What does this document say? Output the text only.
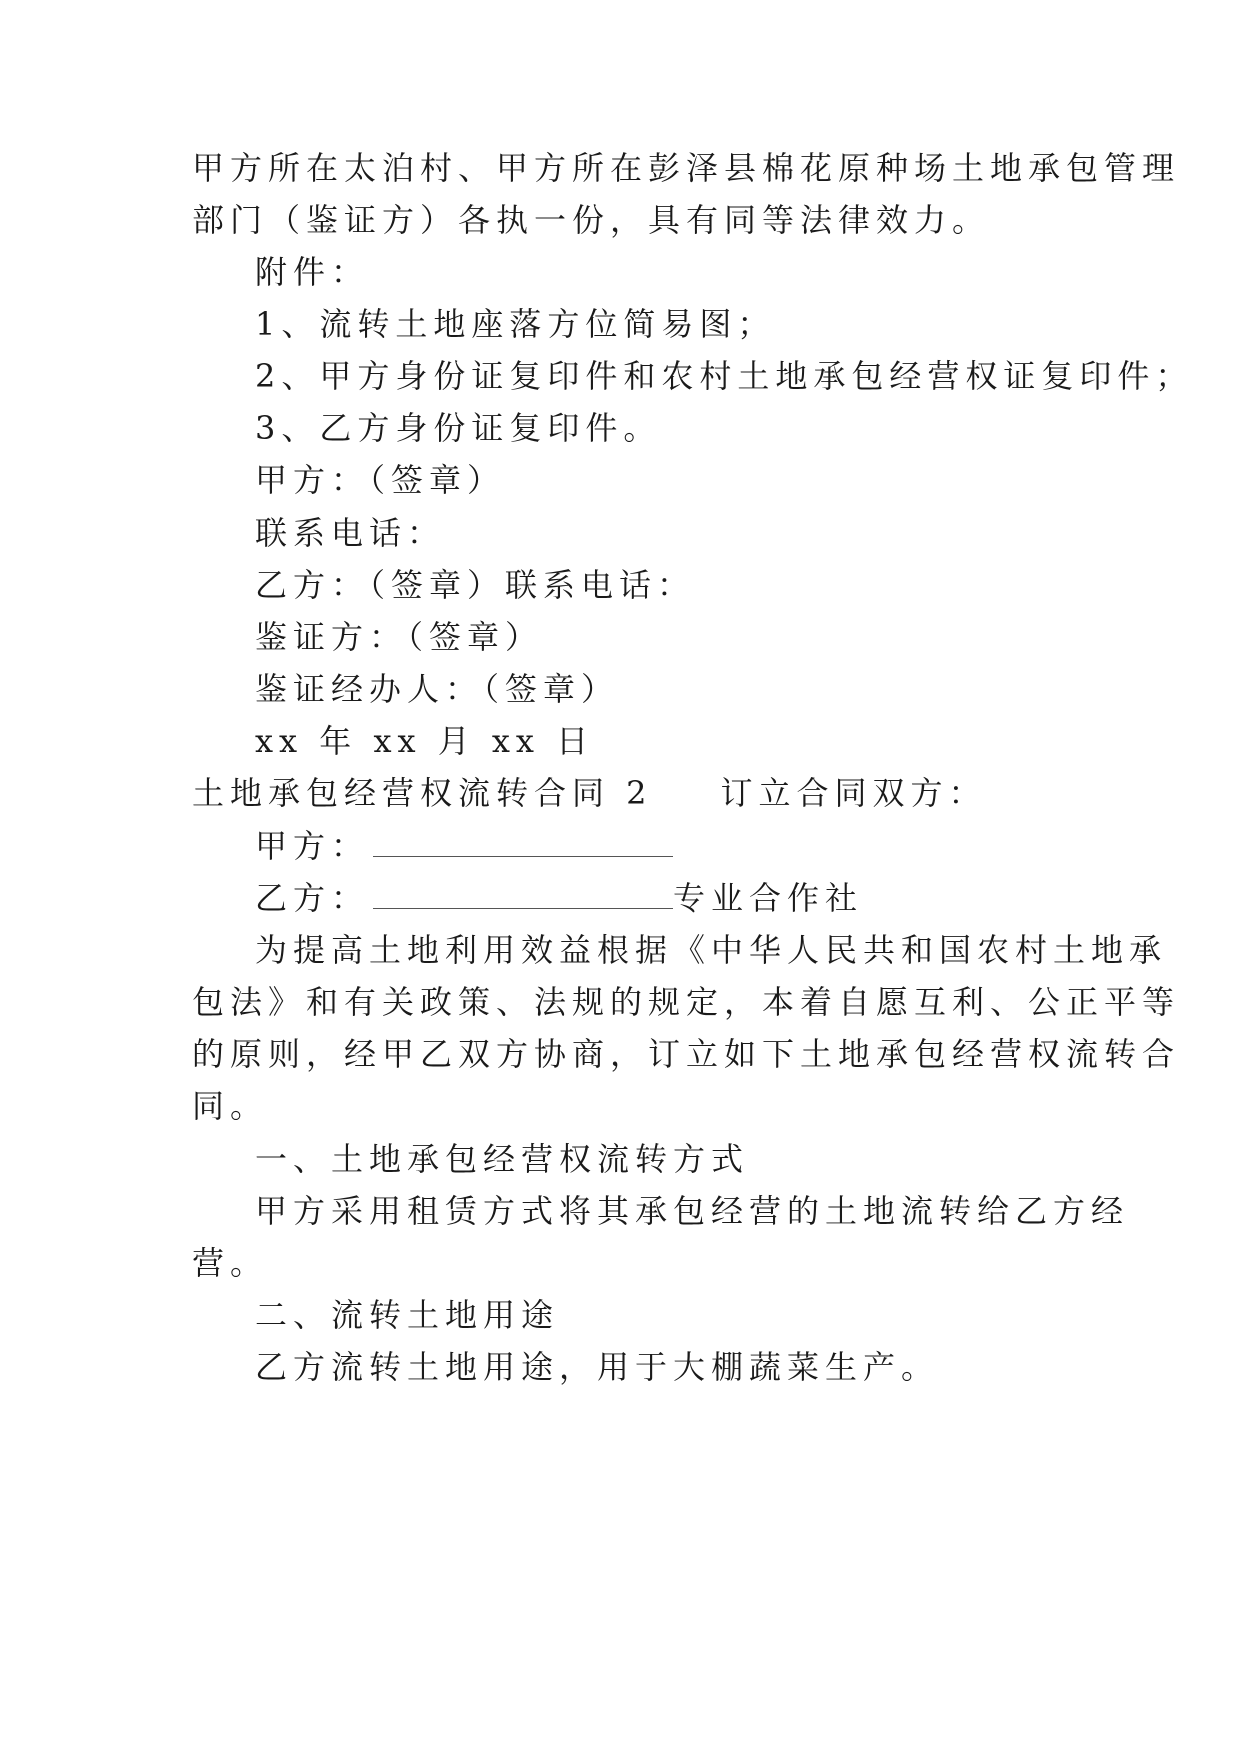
甲方所在太泊村、甲方所在彭泽县棉花原种场土地承包管理
部门（鉴证方）各执一份，具有同等法律效力。
附件：
1、流转土地座落方位简易图；
2、甲方身份证复印件和农村土地承包经营权证复印件；
3、乙方身份证复印件。
甲方：（签章）
联系电话：
乙方：（签章）联系电话：
鉴证方：（签章）
鉴证经办人：（签章）
xx 年 xx 月 xx 日
土地承包经营权流转合同 2 订立合同双方：
甲方：
乙方：	专业合作社
为提高土地利用效益根据《中华人民共和国农村土地承
包法》和有关政策、法规的规定，本着自愿互利、公正平等
的原则，经甲乙双方协商，订立如下土地承包经营权流转合
同。
一、土地承包经营权流转方式
甲方采用租赁方式将其承包经营的土地流转给乙方经
营。
二、流转土地用途
乙方流转土地用途，用于大棚蔬菜生产。
